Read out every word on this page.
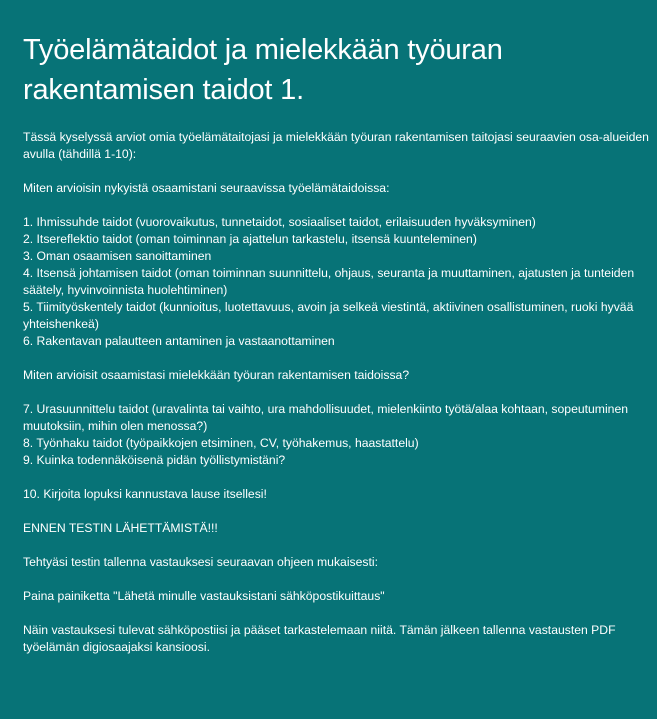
Työelämätaidot ja mielekkään työuran rakentamisen taidot 1.

Tässä kyselyssä arviot omia työelämätaitojasi ja mielekkään työuran rakentamisen taitojasi seuraavien osa-alueiden avulla (tähdillä 1-10):

Miten arvioisin nykyistä osaamistani seuraavissa työelämätaidoissa:

1. Ihmissuhde taidot (vuorovaikutus, tunnetaidot, sosiaaliset taidot, erilaisuuden hyväksyminen)

2. Itsereflektio taidot (oman toiminnan ja ajattelun tarkastelu, itsensä kuunteleminen)

3. Oman osaamisen sanoittaminen

4. Itsensä johtamisen taidot (oman toiminnan suunnittelu, ohjaus, seuranta ja muuttaminen, ajatusten ja tunteiden säätely, hyvinvoinnista huolehtiminen)

5. Tiimityöskentely taidot (kunnioitus, luotettavuus, avoin ja selkeä viestintä, aktiivinen osallistuminen, ruoki hyvää yhteishenkeä)

6. Rakentavan palautteen antaminen ja vastaanottaminen

Miten arvioisit osaamistasi mielekkään työuran rakentamisen taidoissa?

7. Urasuunnittelu taidot (uravalinta tai vaihto, ura mahdollisuudet, mielenkiinto työtä/alaa kohtaan, sopeutuminen muutoksiin, mihin olen menossa?)

8. Työnhaku taidot (työpaikkojen etsiminen, CV, työhakemus, haastattelu)

9. Kuinka todennäköisenä pidän työllistymistäni?

10. Kirjoita lopuksi kannustava lause itsellesi!

ENNEN TESTIN LÄHETTÄMISTÄ!!!

Tehtyäsi testin tallenna vastauksesi seuraavan ohjeen mukaisesti:

Paina painiketta "Lähetä minulle vastauksistani sähköpostikuittaus"

Näin vastauksesi tulevat sähköpostiisi ja pääset tarkastelemaan niitä. Tämän jälkeen tallenna vastausten PDF työelämän digiosaajaksi kansioosi.
